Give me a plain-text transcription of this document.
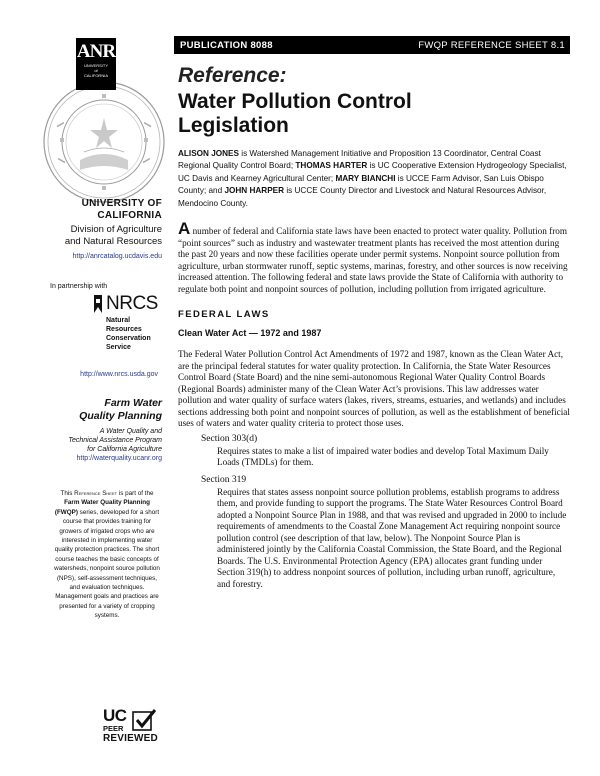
PUBLICATION 8088	FWQP REFERENCE SHEET 8.1
ANR
UNIVERSITY
of
CALIFORNIA
UNIVERSITY OF
CALIFORNIA
Division of Agriculture
and Natural Resources
http://anrcatalog.ucdavis.edu
In partnership with
NRCS
Natural
Resources
Conservation
Service
http://www.nrcs.usda.gov
Farm Water
Quality Planning
A Water Quality and
Technical Assistance Program
for California Agriculture
http://waterquality.ucanr.org
This Reference Sheet is part of the Farm Water Quality Planning (FWQP) series, developed for a short course that provides training for growers of irrigated crops who are interested in implementing water quality protection practices. The short course teaches the basic concepts of watersheds, nonpoint source pollution (NPS), self-assessment techniques, and evaluation techniques. Management goals and practices are presented for a variety of cropping systems.
UC
PEER
REVIEWED
Reference:
Water Pollution Control
Legislation

ALISON JONES is Watershed Management Initiative and Proposition 13 Coordinator, Central Coast Regional Quality Control Board; THOMAS HARTER is UC Cooperative Extension Hydrogeology Specialist, UC Davis and Kearney Agricultural Center; MARY BIANCHI is UCCE Farm Advisor, San Luis Obispo County; and JOHN HARPER is UCCE County Director and Livestock and Natural Resources Advisor, Mendocino County.

A number of federal and California state laws have been enacted to protect water quality. Pollution from “point sources” such as industry and wastewater treatment plants has received the most attention during the past 20 years and now these facilities operate under permit systems. Nonpoint source pollution from agriculture, urban stormwater runoff, septic systems, marinas, forestry, and other sources is now receiving increased attention. The following federal and state laws provide the State of California with authority to regulate both point and nonpoint sources of pollution, including pollution from irrigated agriculture.

FEDERAL LAWS
Clean Water Act — 1972 and 1987

The Federal Water Pollution Control Act Amendments of 1972 and 1987, known as the Clean Water Act, are the principal federal statutes for water quality protection. In California, the State Water Resources Control Board (State Board) and the nine semi-autonomous Regional Water Quality Control Boards (Regional Boards) administer many of the Clean Water Act’s provisions. This law addresses water pollution and water quality of surface waters (lakes, rivers, streams, estuaries, and wetlands) and includes sections addressing both point and nonpoint sources of pollution, as well as the establishment of beneficial uses of waters and water quality criteria to protect those uses.

Section 303(d)

Requires states to make a list of impaired water bodies and develop Total Maximum Daily Loads (TMDLs) for them.

Section 319

Requires that states assess nonpoint source pollution problems, establish programs to address them, and provide funding to support the programs. The State Water Resources Control Board adopted a Nonpoint Source Plan in 1988, and that was revised and upgraded in 2000 to include requirements of amendments to the Coastal Zone Management Act requiring nonpoint source pollution control (see description of that law, below). The Nonpoint Source Plan is administered jointly by the California Coastal Commission, the State Board, and the Regional Boards. The U.S. Environmental Protection Agency (EPA) allocates grant funding under Section 319(h) to address nonpoint sources of pollution, including urban runoff, agriculture, and forestry.
